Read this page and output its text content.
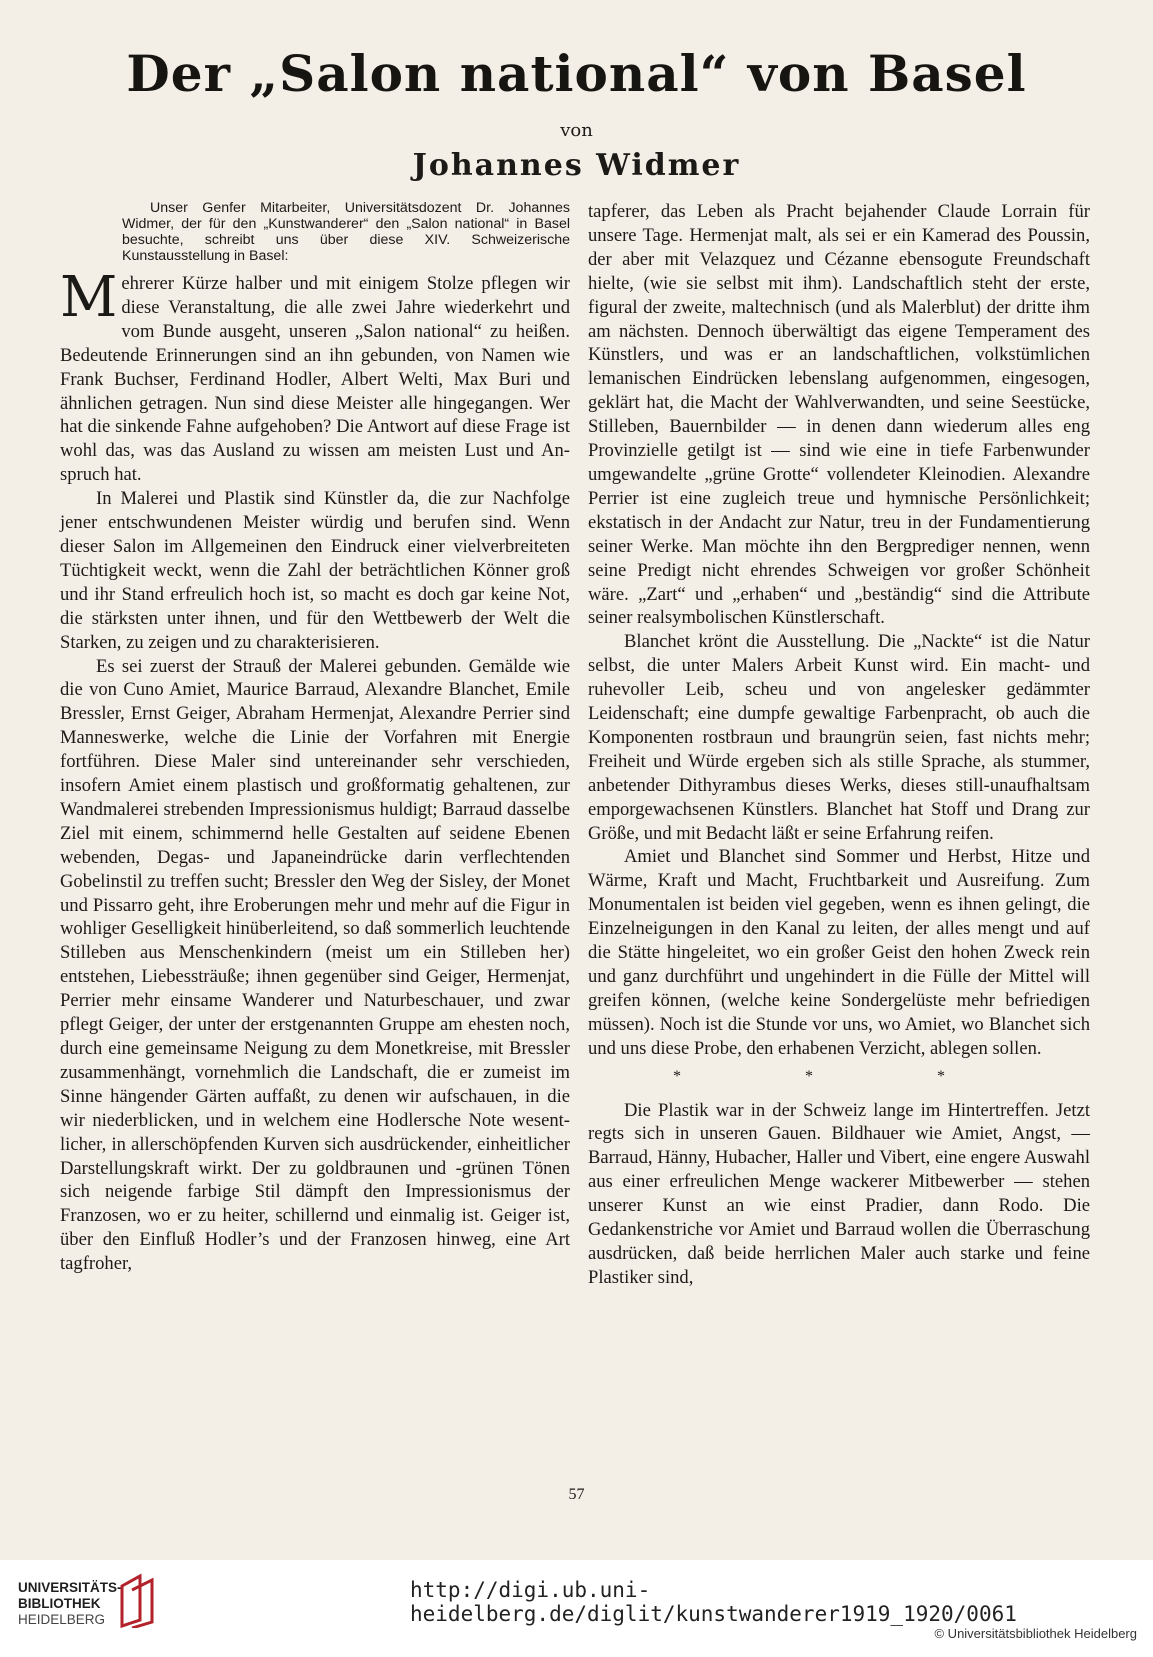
Der „Salon national“ von Basel
von
Johannes Widmer

Unser Genfer Mitarbeiter, Universitätsdozent Dr. Johannes Widmer, der für den „Kunstwanderer“ den „Salon national“ in Basel besuchte, schreibt uns über diese XIV. Schweizerische Kunstausstellung in Basel:

Mehrerer Kürze halber und mit einigem Stolze pflegen wir diese Veranstaltung, die alle zwei Jahre wiederkehrt und vom Bunde ausgeht, unseren „Salon national“ zu heißen. Bedeutende Erinnerungen sind an ihn gebunden, von Namen wie Frank Buchser, Ferdinand Hodler, Albert Welti, Max Buri und ähnlichen getragen. Nun sind diese Meister alle hingegangen. Wer hat die sinkende Fahne aufgehoben? Die Antwort auf diese Frage ist wohl das, was das Ausland zu wissen am meisten Lust und Anspruch hat.

In Malerei und Plastik sind Künstler da, die zur Nachfolge jener entschwundenen Meister würdig und berufen sind. Wenn dieser Salon im Allgemeinen den Eindruck einer vielverbreiteten Tüchtigkeit weckt, wenn die Zahl der beträchtlichen Könner groß und ihr Stand erfreulich hoch ist, so macht es doch gar keine Not, die stärksten unter ihnen, und für den Wettbewerb der Welt die Starken, zu zeigen und zu charakterisieren.

Es sei zuerst der Strauß der Malerei gebunden. Gemälde wie die von Cuno Amiet, Maurice Barraud, Alexandre Blanchet, Emile Bressler, Ernst Geiger, Abraham Hermenjat, Alexandre Perrier sind Manneswerke, welche die Linie der Vorfahren mit Energie fortführen. Diese Maler sind untereinander sehr verschieden, insofern Amiet einem plastisch und großformatig gehaltenen, zur Wandmalerei strebenden Impressionismus huldigt; Barraud dasselbe Ziel mit einem, schimmernd helle Gestalten auf seidene Ebenen webenden, Degas- und Japaneindrücke darin verflechtenden Gobelinstil zu treffen sucht; Bressler den Weg der Sisley, der Monet und Pissarro geht, ihre Eroberungen mehr und mehr auf die Figur in wohliger Geselligkeit hinüberleitend, so daß sommerlich leuchtende Stilleben aus Menschenkindern (meist um ein Stilleben her) entstehen, Liebessträuße; ihnen gegenüber sind Geiger, Hermenjat, Perrier mehr einsame Wanderer und Naturbeschauer, und zwar pflegt Geiger, der unter der erstgenannten Gruppe am ehesten noch, durch eine gemeinsame Neigung zu dem Monetkreise, mit Bressler zusammenhängt, vornehmlich die Landschaft, die er zumeist im Sinne hängender Gärten auffaßt, zu denen wir aufschauen, in die wir niederblicken, und in welchem eine Hodlersche Note wesentlicher, in allerschöpfenden Kurven sich ausdrückender, einheitlicher Darstellungskraft wirkt. Der zu goldbraunen und -grünen Tönen sich neigende farbige Stil dämpft den Impressionismus der Franzosen, wo er zu heiter, schillernd und einmalig ist. Geiger ist, über den Einfluß Hodler’s und der Franzosen hinweg, eine Art tagfroher,

tapferer, das Leben als Pracht bejahender Claude Lorrain für unsere Tage. Hermenjat malt, als sei er ein Kamerad des Poussin, der aber mit Velazquez und Cézanne ebensogute Freundschaft hielte, (wie sie selbst mit ihm). Landschaftlich steht der erste, figural der zweite, maltechnisch (und als Malerblut) der dritte ihm am nächsten. Dennoch überwältigt das eigene Temperament des Künstlers, und was er an landschaftlichen, volkstümlichen lemanischen Eindrücken lebenslang aufgenommen, eingesogen, geklärt hat, die Macht der Wahlverwandten, und seine Seestücke, Stilleben, Bauernbilder — in denen dann wiederum alles eng Provinzielle getilgt ist — sind wie eine in tiefe Farbenwunder umgewandelte „grüne Grotte“ vollendeter Kleinodien. Alexandre Perrier ist eine zugleich treue und hymnische Persönlichkeit; ekstatisch in der Andacht zur Natur, treu in der Fundamentierung seiner Werke. Man möchte ihn den Bergprediger nennen, wenn seine Predigt nicht ehrendes Schweigen vor großer Schönheit wäre. „Zart“ und „erhaben“ und „beständig“ sind die Attribute seiner realsymbolischen Künstlerschaft.

Blanchet krönt die Ausstellung. Die „Nackte“ ist die Natur selbst, die unter Malers Arbeit Kunst wird. Ein macht- und ruhevoller Leib, scheu und von angelesker gedämmter Leidenschaft; eine dumpfe gewaltige Farbenpracht, ob auch die Komponenten rostbraun und braungrün seien, fast nichts mehr; Freiheit und Würde ergeben sich als stille Sprache, als stummer, anbetender Dithyrambus dieses Werks, dieses still-unaufhaltsam emporgewachsenen Künstlers. Blanchet hat Stoff und Drang zur Größe, und mit Bedacht läßt er seine Erfahrung reifen.

Amiet und Blanchet sind Sommer und Herbst, Hitze und Wärme, Kraft und Macht, Fruchtbarkeit und Ausreifung. Zum Monumentalen ist beiden viel gegeben, wenn es ihnen gelingt, die Einzelneigungen in den Kanal zu leiten, der alles mengt und auf die Stätte hingeleitet, wo ein großer Geist den hohen Zweck rein und ganz durchführt und ungehindert in die Fülle der Mittel will greifen können, (welche keine Sondergelüste mehr befriedigen müssen). Noch ist die Stunde vor uns, wo Amiet, wo Blanchet sich und uns diese Probe, den erhabenen Verzicht, ablegen sollen.

* * *

Die Plastik war in der Schweiz lange im Hintertreffen. Jetzt regts sich in unseren Gauen. Bildhauer wie Amiet, Angst, — Barraud, Hänny, Hubacher, Haller und Vibert, eine engere Auswahl aus einer erfreulichen Menge wackerer Mitbewerber — stehen unserer Kunst an wie einst Pradier, dann Rodo. Die Gedankenstriche vor Amiet und Barraud wollen die Überraschung ausdrücken, daß beide herrlichen Maler auch starke und feine Plastiker sind,

57
UNIVERSITÄTS-
BIBLIOTHEK
HEIDELBERG
http://digi.ub.uni-heidelberg.de/diglit/kunstwanderer1919_1920/0061
© Universitätsbibliothek Heidelberg
